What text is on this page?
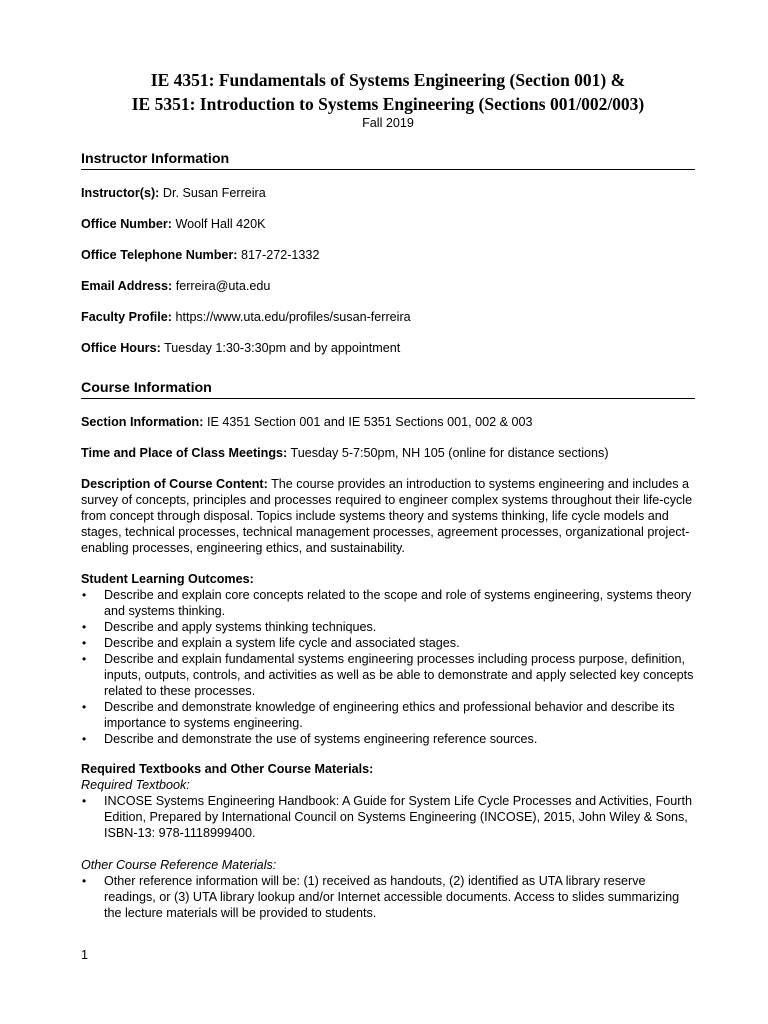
IE 4351: Fundamentals of Systems Engineering (Section 001) &

IE 5351: Introduction to Systems Engineering (Sections 001/002/003)

Fall 2019

Instructor Information

Instructor(s): Dr. Susan Ferreira

Office Number: Woolf Hall 420K

Office Telephone Number: 817-272-1332

Email Address: ferreira@uta.edu

Faculty Profile: https://www.uta.edu/profiles/susan-ferreira

Office Hours: Tuesday 1:30-3:30pm and by appointment

Course Information

Section Information: IE 4351 Section 001 and IE 5351 Sections 001, 002 & 003

Time and Place of Class Meetings: Tuesday 5-7:50pm, NH 105 (online for distance sections)

Description of Course Content: The course provides an introduction to systems engineering and includes a survey of concepts, principles and processes required to engineer complex systems throughout their life-cycle from concept through disposal. Topics include systems theory and systems thinking, life cycle models and stages, technical processes, technical management processes, agreement processes, organizational project-enabling processes, engineering ethics, and sustainability.

Student Learning Outcomes:

• Describe and explain core concepts related to the scope and role of systems engineering, systems theory and systems thinking.
• Describe and apply systems thinking techniques.
• Describe and explain a system life cycle and associated stages.
• Describe and explain fundamental systems engineering processes including process purpose, definition, inputs, outputs, controls, and activities as well as be able to demonstrate and apply selected key concepts related to these processes.
• Describe and demonstrate knowledge of engineering ethics and professional behavior and describe its importance to systems engineering.
• Describe and demonstrate the use of systems engineering reference sources.

Required Textbooks and Other Course Materials:

Required Textbook:

• INCOSE Systems Engineering Handbook: A Guide for System Life Cycle Processes and Activities, Fourth Edition, Prepared by International Council on Systems Engineering (INCOSE), 2015, John Wiley & Sons, ISBN-13: 978-1118999400.

Other Course Reference Materials:

• Other reference information will be: (1) received as handouts, (2) identified as UTA library reserve readings, or (3) UTA library lookup and/or Internet accessible documents. Access to slides summarizing the lecture materials will be provided to students.
1
